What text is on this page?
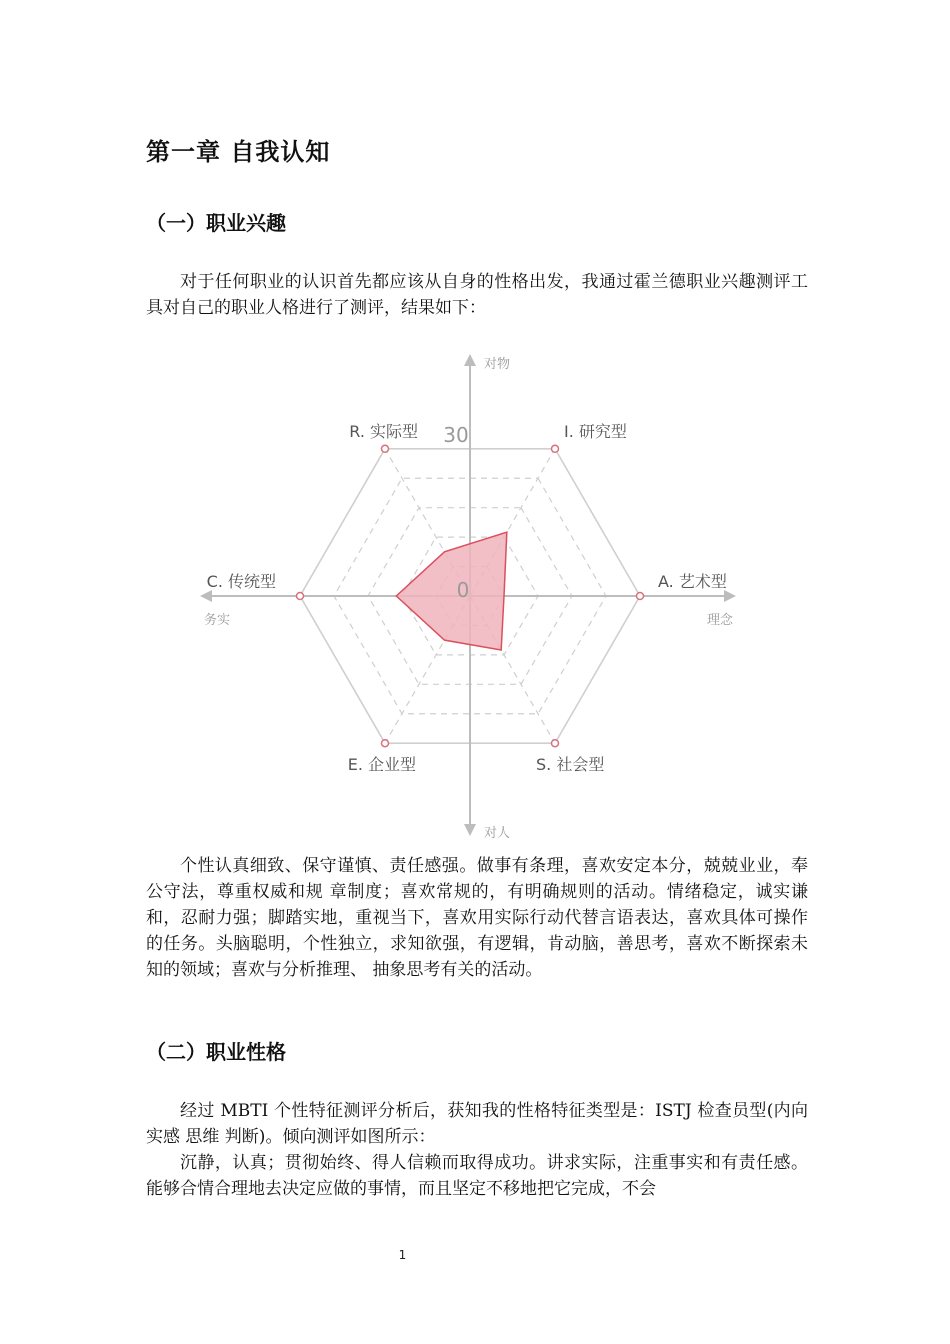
第一章 自我认知
（一）职业兴趣

对于任何职业的认识首先都应该从自身的性格出发，我通过霍兰德职业兴趣测评工具对自己的职业人格进行了测评，结果如下：

0
30	I. 研究型
A. 艺术型
S. 社会型
E. 企业型
C. 传统型
R. 实际型
对物
对人
务实	理念

个性认真细致、保守谨慎、责任感强。做事有条理，喜欢安定本分，兢兢业业，奉公守法，尊重权威和规 章制度；喜欢常规的，有明确规则的活动。情绪稳定，诚实谦和，忍耐力强；脚踏实地，重视当下，喜欢用实际行动代替言语表达，喜欢具体可操作 的任务。头脑聪明，个性独立，求知欲强，有逻辑，肯动脑，善思考，喜欢不断探索未知的领域；喜欢与分析推理、 抽象思考有关的活动。

（二）职业性格

经过 MBTI 个性特征测评分析后，获知我的性格特征类型是：ISTJ 检查员型(内向 实感 思维 判断)。倾向测评如图所示：

沉静，认真；贯彻始终、得人信赖而取得成功。讲求实际，注重事实和有责任感。能够合情合理地去决定应做的事情，而且坚定不移地把它完成，不会

1
